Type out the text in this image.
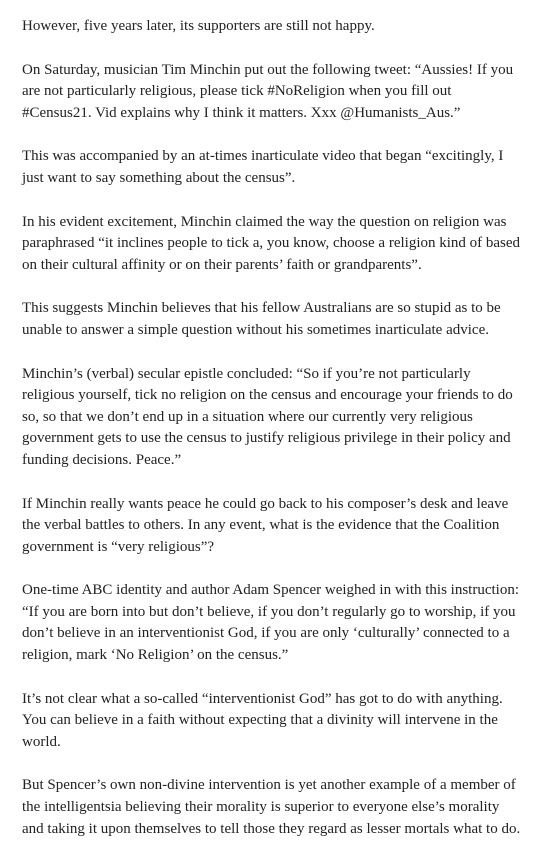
However, five years later, its supporters are still not happy.

On Saturday, musician Tim Minchin put out the following tweet: “Aussies! If you are not particularly religious, please tick #NoReligion when you fill out #Census21. Vid explains why I think it matters. Xxx @Humanists_Aus.”

This was accompanied by an at-times inarticulate video that began “excitingly, I just want to say something about the census”.

In his evident excitement, Minchin claimed the way the question on religion was paraphrased “it inclines people to tick a, you know, choose a religion kind of based on their cultural affinity or on their parents’ faith or grandparents”.

This suggests Minchin believes that his fellow Australians are so stupid as to be unable to answer a simple question without his sometimes inarticulate advice.

Minchin’s (verbal) secular epistle concluded: “So if you’re not particularly religious yourself, tick no religion on the census and encourage your friends to do so, so that we don’t end up in a situation where our currently very religious government gets to use the census to justify religious privilege in their policy and funding decisions. Peace.”

If Minchin really wants peace he could go back to his composer’s desk and leave the verbal battles to others. In any event, what is the evidence that the Coalition government is “very religious”?

One-time ABC identity and author Adam Spencer weighed in with this instruction: “If you are born into but don’t believe, if you don’t regularly go to worship, if you don’t believe in an interventionist God, if you are only ‘culturally’ connected to a religion, mark ‘No Religion’ on the census.”

It’s not clear what a so-called “interventionist God” has got to do with anything. You can believe in a faith without expecting that a divinity will intervene in the world.

But Spencer’s own non-divine intervention is yet another example of a member of the intelligentsia believing their morality is superior to everyone else’s morality and taking it upon themselves to tell those they regard as lesser mortals what to do.
